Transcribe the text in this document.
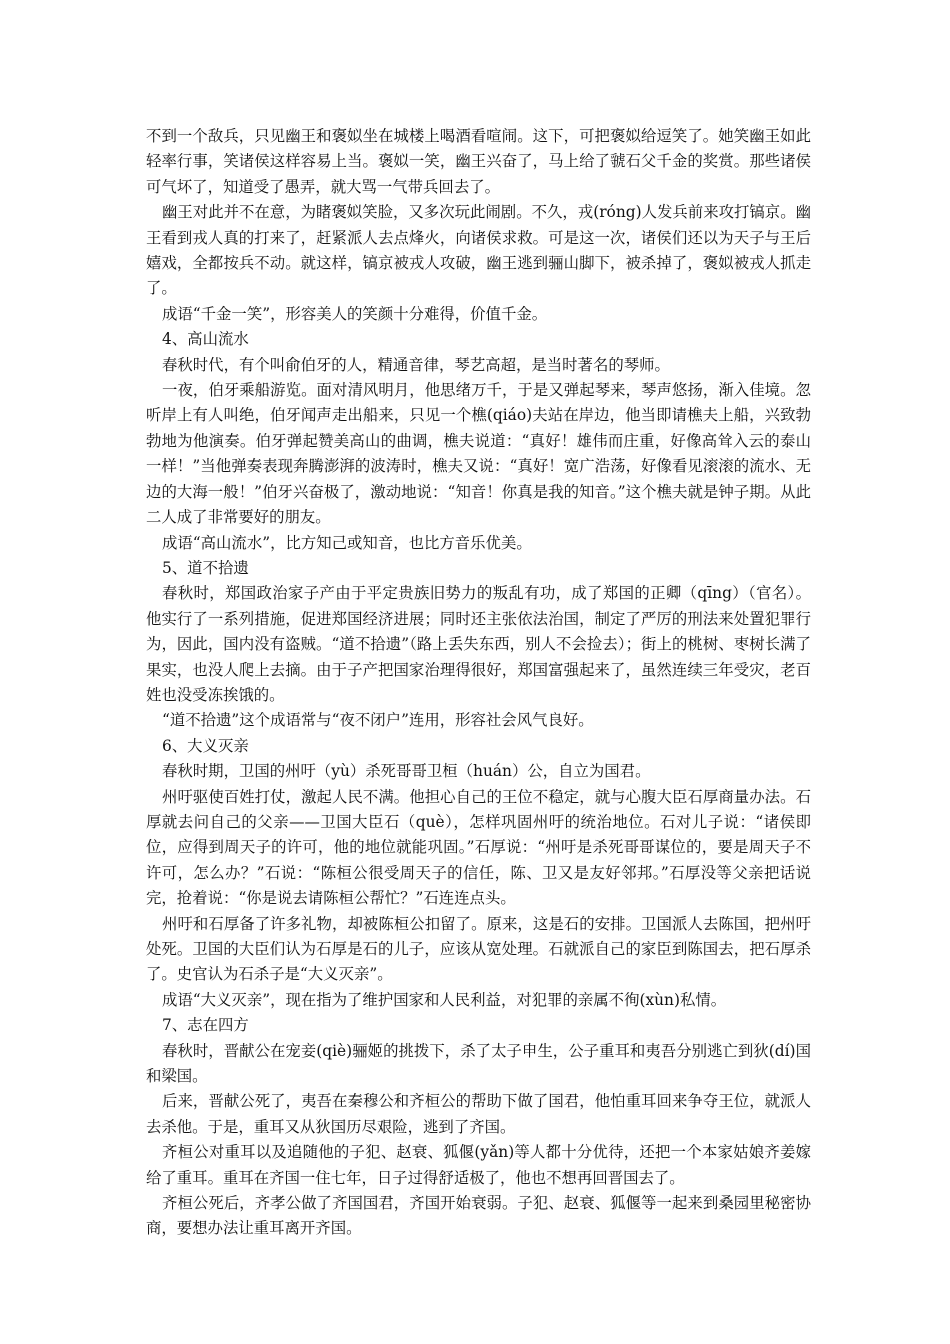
不到一个敌兵，只见幽王和褒姒坐在城楼上喝酒看喧闹。这下，可把褒姒给逗笑了。她笑幽王如此轻率行事，笑诸侯这样容易上当。褒姒一笑，幽王兴奋了，马上给了虢石父千金的奖赏。那些诸侯可气坏了，知道受了愚弄，就大骂一气带兵回去了。

幽王对此并不在意，为睹褒姒笑脸，又多次玩此闹剧。不久，戎(róng)人发兵前来攻打镐京。幽王看到戎人真的打来了，赶紧派人去点烽火，向诸侯求救。可是这一次，诸侯们还以为天子与王后嬉戏，全都按兵不动。就这样，镐京被戎人攻破，幽王逃到骊山脚下，被杀掉了，褒姒被戎人抓走了。

成语“千金一笑”，形容美人的笑颜十分难得，价值千金。

4、高山流水

春秋时代，有个叫俞伯牙的人，精通音律，琴艺高超，是当时著名的琴师。

一夜，伯牙乘船游览。面对清风明月，他思绪万千，于是又弹起琴来，琴声悠扬，渐入佳境。忽听岸上有人叫绝，伯牙闻声走出船来，只见一个樵(qiáo)夫站在岸边，他当即请樵夫上船，兴致勃勃地为他演奏。伯牙弹起赞美高山的曲调，樵夫说道：“真好！雄伟而庄重，好像高耸入云的泰山一样！”当他弹奏表现奔腾澎湃的波涛时，樵夫又说：“真好！宽广浩荡，好像看见滚滚的流水、无边的大海一般！”伯牙兴奋极了，激动地说：“知音！你真是我的知音。”这个樵夫就是钟子期。从此二人成了非常要好的朋友。

成语“高山流水”，比方知己或知音，也比方音乐优美。

5、道不拾遗

春秋时，郑国政治家子产由于平定贵族旧势力的叛乱有功，成了郑国的正卿（qīng）（官名）。他实行了一系列措施，促进郑国经济进展；同时还主张依法治国，制定了严厉的刑法来处置犯罪行为，因此，国内没有盗贼。“道不拾遗”（路上丢失东西，别人不会捡去）；街上的桃树、枣树长满了果实，也没人爬上去摘。由于子产把国家治理得很好，郑国富强起来了，虽然连续三年受灾，老百姓也没受冻挨饿的。

“道不拾遗”这个成语常与“夜不闭户”连用，形容社会风气良好。

6、大义灭亲

春秋时期，卫国的州吁（yù）杀死哥哥卫桓（huán）公，自立为国君。

州吁驱使百姓打仗，激起人民不满。他担心自己的王位不稳定，就与心腹大臣石厚商量办法。石厚就去问自己的父亲——卫国大臣石（què），怎样巩固州吁的统治地位。石对儿子说：“诸侯即位，应得到周天子的许可，他的地位就能巩固。”石厚说：“州吁是杀死哥哥谋位的，要是周天子不许可，怎么办？”石说：“陈桓公很受周天子的信任，陈、卫又是友好邻邦。”石厚没等父亲把话说完，抢着说：“你是说去请陈桓公帮忙？”石连连点头。

州吁和石厚备了许多礼物，却被陈桓公扣留了。原来，这是石的安排。卫国派人去陈国，把州吁处死。卫国的大臣们认为石厚是石的儿子，应该从宽处理。石就派自己的家臣到陈国去，把石厚杀了。史官认为石杀子是“大义灭亲”。

成语“大义灭亲”，现在指为了维护国家和人民利益，对犯罪的亲属不徇(xùn)私情。

7、志在四方

春秋时，晋献公在宠妾(qiè)骊姬的挑拨下，杀了太子申生，公子重耳和夷吾分别逃亡到狄(dí)国和梁国。

后来，晋献公死了，夷吾在秦穆公和齐桓公的帮助下做了国君，他怕重耳回来争夺王位，就派人去杀他。于是，重耳又从狄国历尽艰险，逃到了齐国。

齐桓公对重耳以及追随他的子犯、赵衰、狐偃(yǎn)等人都十分优待，还把一个本家姑娘齐姜嫁给了重耳。重耳在齐国一住七年，日子过得舒适极了，他也不想再回晋国去了。

齐桓公死后，齐孝公做了齐国国君，齐国开始衰弱。子犯、赵衰、狐偃等一起来到桑园里秘密协商，要想办法让重耳离开齐国。
